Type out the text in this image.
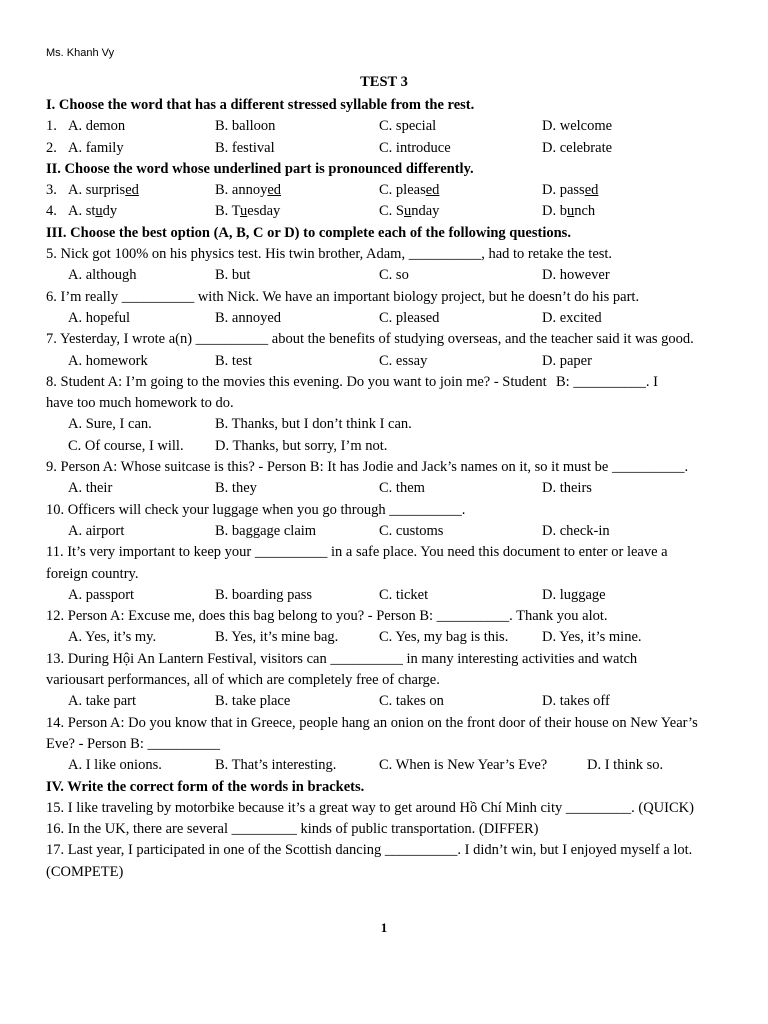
Ms. Khanh Vy
TEST 3
I. Choose the word that has a different stressed syllable from the rest.
1. A. demon	B. balloon	C. special	D. welcome
2. A. family	B. festival	C. introduce	D. celebrate
II. Choose the word whose underlined part is pronounced differently.
3. A. surprised	B. annoyed	C. pleased	D. passed
4. A. study	B. Tuesday	C. Sunday	D. bunch
III. Choose the best option (A, B, C or D) to complete each of the following questions.
5. Nick got 100% on his physics test. His twin brother, Adam, __________, had to retake the test.
A. although	B. but	C. so	D. however
6. I’m really __________ with Nick. We have an important biology project, but he doesn’t do his part.
A. hopeful	B. annoyed	C. pleased	D. excited
7. Yesterday, I wrote a(n) __________ about the benefits of studying overseas, and the teacher said it was good.
A. homework	B. test	C. essay	D. paper
8. Student A: I’m going to the movies this evening. Do you want to join me? - Student B: __________. I
have too much homework to do.
A. Sure, I can.	B. Thanks, but I don’t think I can.
C. Of course, I will. D. Thanks, but sorry, I’m not.
9. Person A: Whose suitcase is this? - Person B: It has Jodie and Jack’s names on it, so it must be __________.
A. their	B. they	C. them	D. theirs
10. Officers will check your luggage when you go through __________.
A. airport	B. baggage claim	C. customs	D. check-in
11. It’s very important to keep your __________ in a safe place. You need this document to enter or leave a
foreign country.
A. passport	B. boarding pass	C. ticket	D. luggage
12. Person A: Excuse me, does this bag belong to you? - Person B: __________. Thank you alot.
A. Yes, it’s my.	B. Yes, it’s mine bag.	C. Yes, my bag is this. D. Yes, it’s mine.
13. During Hội An Lantern Festival, visitors can __________ in many interesting activities and watch
variousart performances, all of which are completely free of charge.
A. take part	B. take place	C. takes on	D. takes off
14. Person A: Do you know that in Greece, people hang an onion on the front door of their house on New Year’s
Eve? - Person B: __________
A. I like onions.	B. That’s interesting.	C. When is New Year’s Eve?	D. I think so.
IV. Write the correct form of the words in brackets.
15. I like traveling by motorbike because it’s a great way to get around Hồ Chí Minh city _________. (QUICK)
16. In the UK, there are several _________ kinds of public transportation. (DIFFER)
17. Last year, I participated in one of the Scottish dancing __________. I didn’t win, but I enjoyed myself a lot.
(COMPETE)
1
